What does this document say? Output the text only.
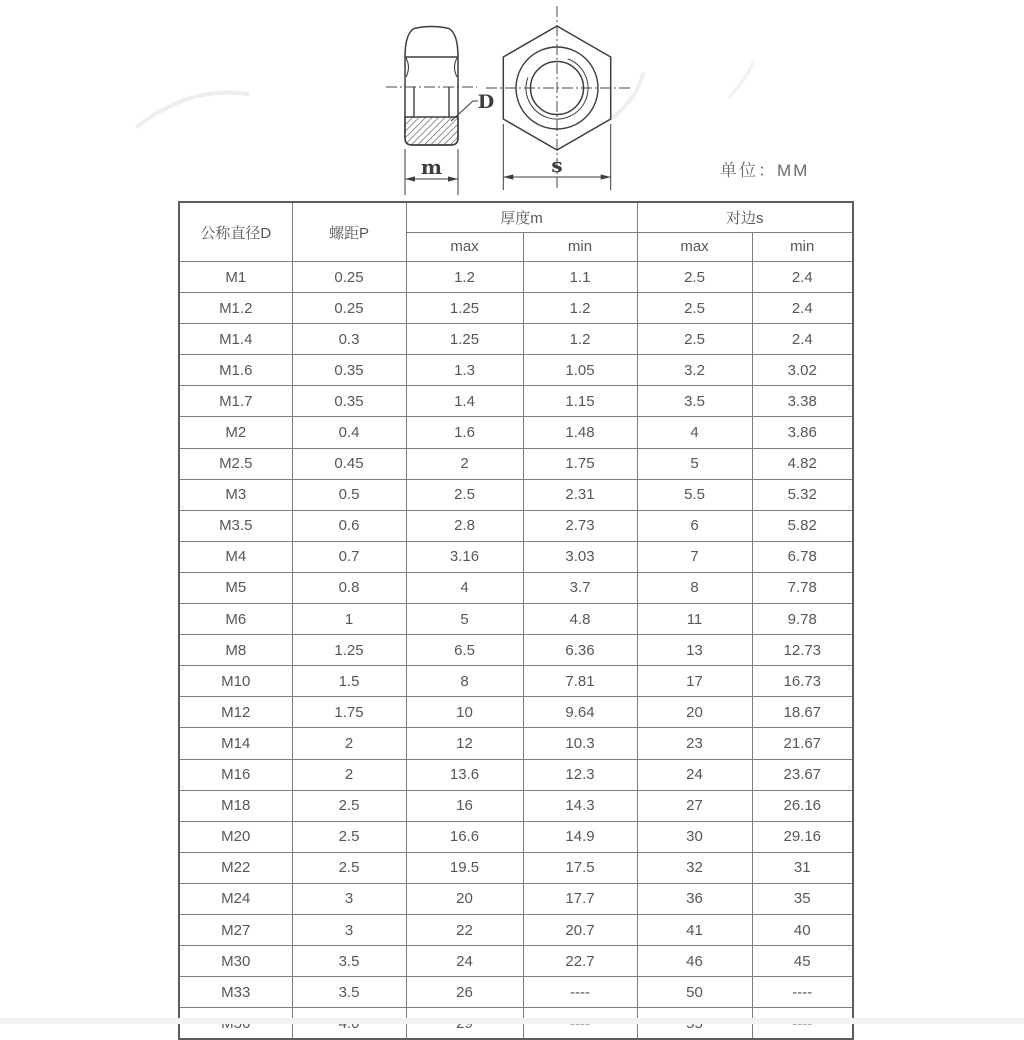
D
m	s	单位：MM
公称直径D	螺距P	厚度m		对边s	
		max	min	max	min
M1	0.25	1.2	1.1	2.5	2.4
M1.2	0.25	1.25	1.2	2.5	2.4
M1.4	0.3	1.25	1.2	2.5	2.4
M1.6	0.35	1.3	1.05	3.2	3.02
M1.7	0.35	1.4	1.15	3.5	3.38
M2	0.4	1.6	1.48	4	3.86
M2.5	0.45	2	1.75	5	4.82
M3	0.5	2.5	2.31	5.5	5.32
M3.5	0.6	2.8	2.73	6	5.82
M4	0.7	3.16	3.03	7	6.78
M5	0.8	4	3.7	8	7.78
M6	1	5	4.8	11	9.78
M8	1.25	6.5	6.36	13	12.73
M10	1.5	8	7.81	17	16.73
M12	1.75	10	9.64	20	18.67
M14	2	12	10.3	23	21.67
M16	2	13.6	12.3	24	23.67
M18	2.5	16	14.3	27	26.16
M20	2.5	16.6	14.9	30	29.16
M22	2.5	19.5	17.5	32	31
M24	3	20	17.7	36	35
M27	3	22	20.7	41	40
M30	3.5	24	22.7	46	45
M33	3.5	26	----	50	----
